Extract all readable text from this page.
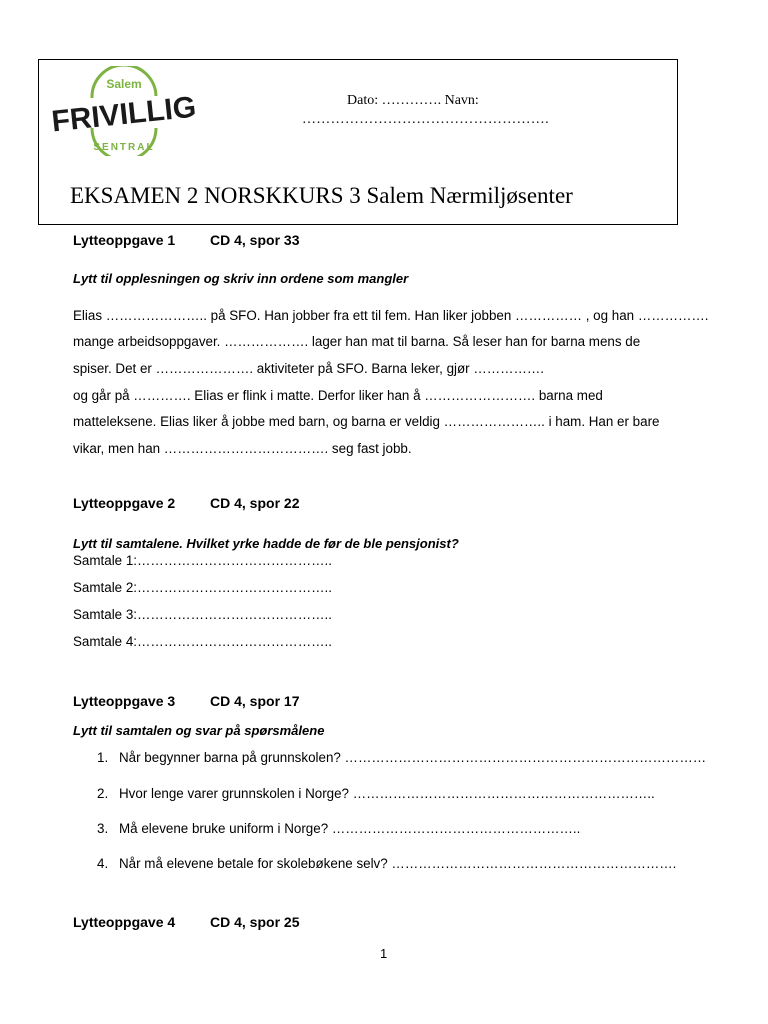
Salem
FRIVILLIG
SENTRAL
Dato: …………. Navn:
…………………………………………….
EKSAMEN 2 NORSKKURS 3 Salem Nærmiljøsenter
Lytteoppgave 1 CD 4, spor 33
Lytt til opplesningen og skriv inn ordene som mangler
Elias ………………….. på SFO. Han jobber fra ett til fem. Han liker jobben …………… , og han …………….
mange arbeidsoppgaver. ………………. lager han mat til barna. Så leser han for barna mens de
spiser. Det er …………………. aktiviteter på SFO. Barna leker, gjør …………….
og går på …………. Elias er flink i matte. Derfor liker han å ……………………. barna med
matteleksene. Elias liker å jobbe med barn, og barna er veldig ………………….. i ham. Han er bare
vikar, men han ………………………………. seg fast jobb.
Lytteoppgave 2 CD 4, spor 22
Lytt til samtalene. Hvilket yrke hadde de før de ble pensjonist?
Samtale 1:……………………………………..
Samtale 2:……………………………………..
Samtale 3:……………………………………..
Samtale 4:……………………………………..
Lytteoppgave 3 CD 4, spor 17
Lytt til samtalen og svar på spørsmålene
1. Når begynner barna på grunnskolen? ………………………………………………………………………
2. Hvor lenge varer grunnskolen i Norge? …………………………………………………………..
3. Må elevene bruke uniform i Norge? ………………………………………………..
4. Når må elevene betale for skolebøkene selv? ……………………………………………………….
Lytteoppgave 4 CD 4, spor 25
1
